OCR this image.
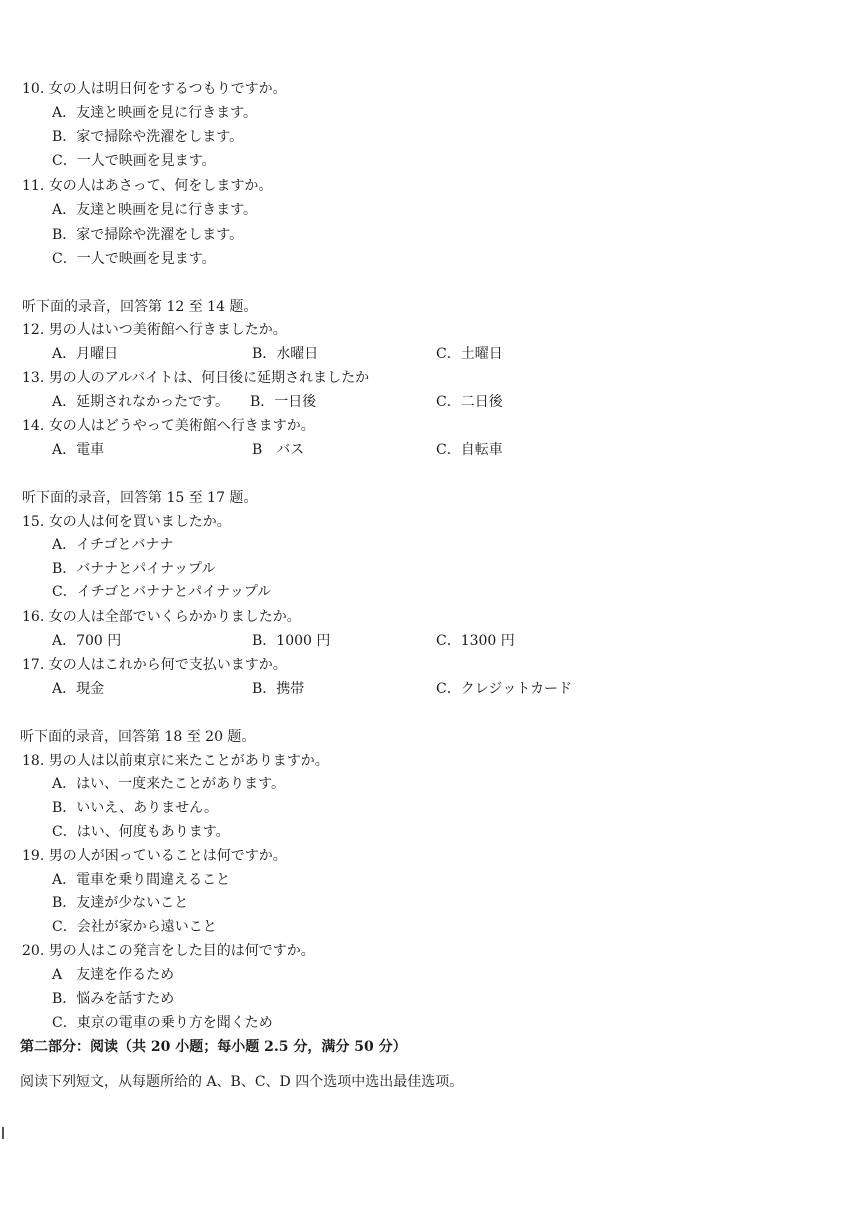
10. 女の人は明日何をするつもりですか。
A．友達と映画を見に行きます。
B．家で掃除や洗濯をします。
C．一人で映画を見ます。
11. 女の人はあさって、何をしますか。
A．友達と映画を見に行きます。
B．家で掃除や洗濯をします。
C．一人で映画を見ます。
听下面的录音，回答第 12 至 14 题。
12. 男の人はいつ美術館へ行きましたか。
A．月曜日	B．水曜日	C．土曜日
13. 男の人のアルバイトは、何日後に延期されましたか
A．延期されなかったです。 B．一日後	C．二日後
14. 女の人はどうやって美術館へ行きますか。
A．電車	B　バス	C．自転車
听下面的录音，回答第 15 至 17 题。
15. 女の人は何を買いましたか。
A．イチゴとバナナ
B．バナナとパイナップル
C．イチゴとバナナとパイナップル
16. 女の人は全部でいくらかかりましたか。
A．700 円	B．1000 円	C．1300 円
17. 女の人はこれから何で支払いますか。
A．現金	B．携帯	C．クレジットカード
听下面的录音，回答第 18 至 20 题。
18. 男の人は以前東京に来たことがありますか。
A．はい、一度来たことがあります。
B．いいえ、ありません。
C．はい、何度もあります。
19. 男の人が困っていることは何ですか。
A．電車を乗り間違えること
B．友達が少ないこと
C．会社が家から遠いこと
20. 男の人はこの発言をした目的は何ですか。
A　友達を作るため
B．悩みを話すため
C．東京の電車の乗り方を聞くため
第二部分：阅读（共 20 小题；每小题 2.5 分，满分 50 分）
阅读下列短文，从每题所给的 A、B、C、D 四个选项中选出最佳选项。
